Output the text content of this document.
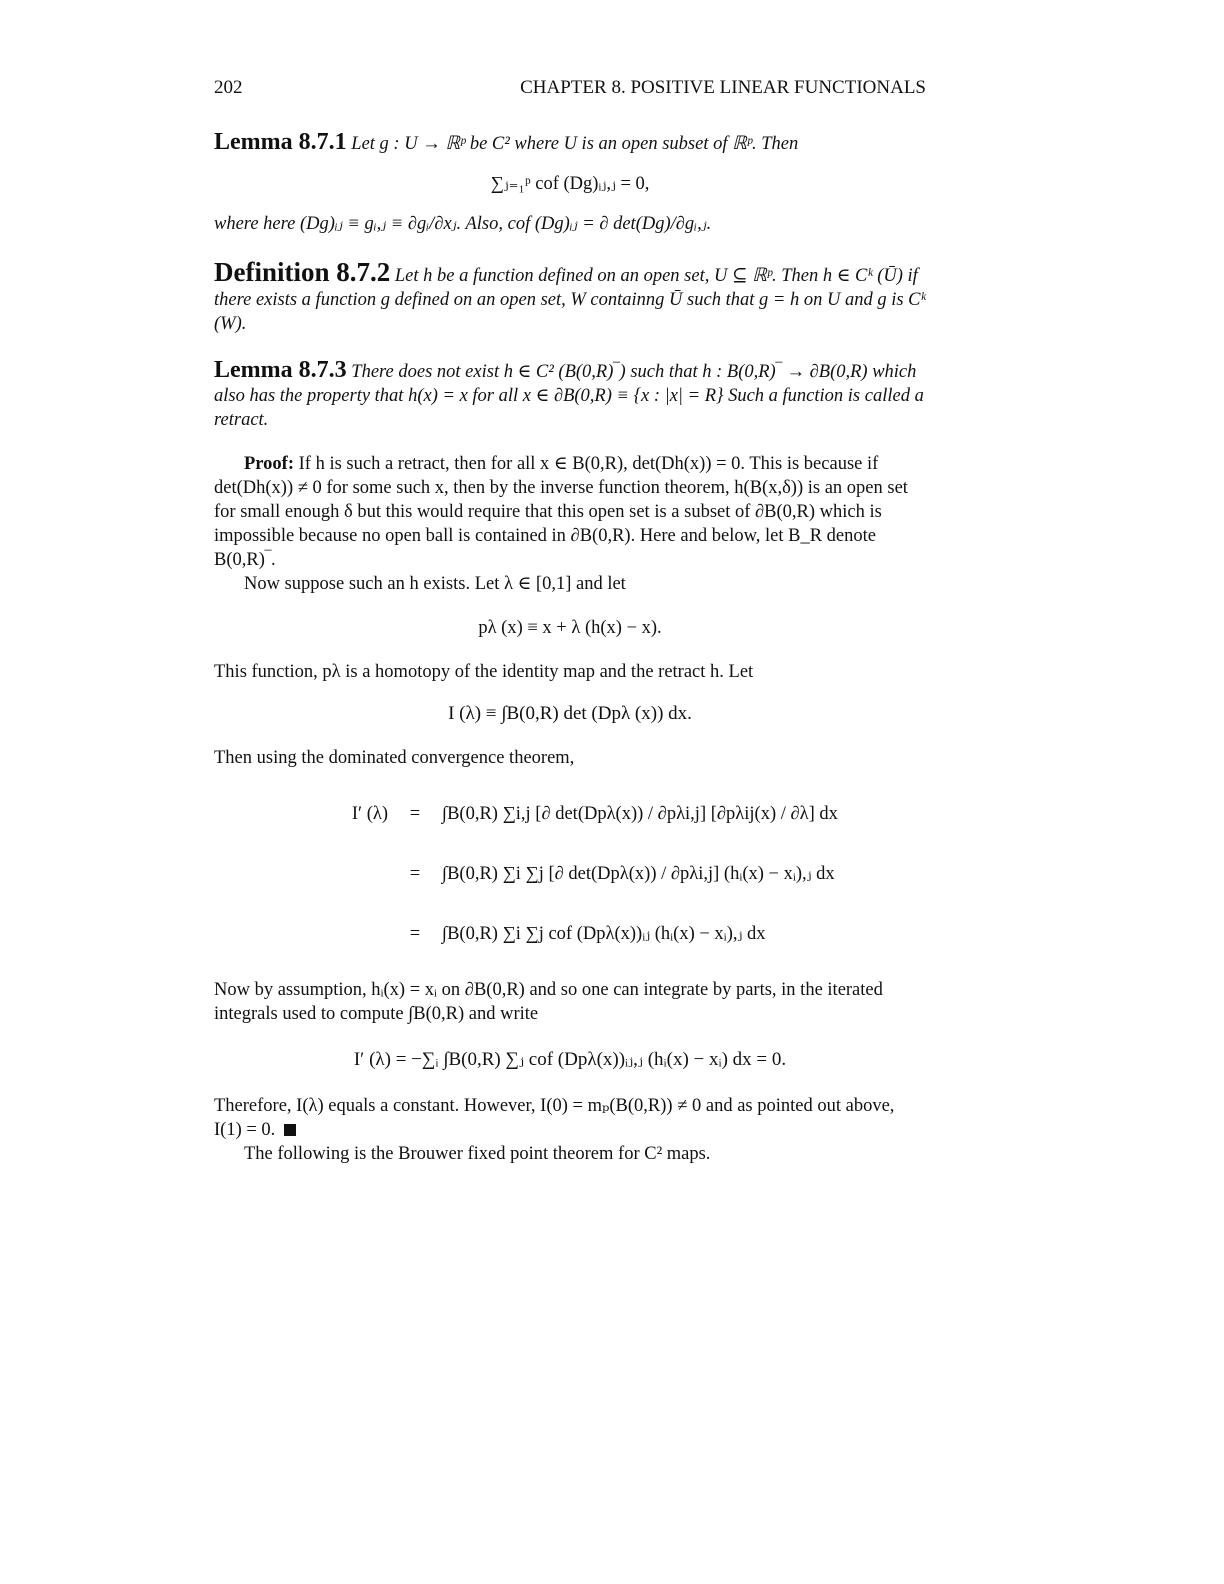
202	CHAPTER 8. POSITIVE LINEAR FUNCTIONALS

Lemma 8.7.1 Let g : U → ℝᵖ be C² where U is an open subset of ℝᵖ. Then

∑ⱼ₌₁ᵖ cof (Dg)ᵢⱼ,ⱼ = 0,

where here (Dg)ᵢⱼ ≡ gᵢ,ⱼ ≡ ∂gᵢ/∂xⱼ. Also, cof (Dg)ᵢⱼ = ∂ det(Dg)/∂gᵢ,ⱼ.

Definition 8.7.2 Let h be a function defined on an open set, U ⊆ ℝᵖ. Then h ∈ Cᵏ (Ū) if there exists a function g defined on an open set, W containng Ū such that g = h on U and g is Cᵏ (W).

Lemma 8.7.3 There does not exist h ∈ C² (B(0,R)‾) such that h : B(0,R)‾ → ∂B(0,R) which also has the property that h(x) = x for all x ∈ ∂B(0,R) ≡ {x : |x| = R} Such a function is called a retract.

Proof: If h is such a retract, then for all x ∈ B(0,R), det(Dh(x)) = 0. This is because if det(Dh(x)) ≠ 0 for some such x, then by the inverse function theorem, h(B(x,δ)) is an open set for small enough δ but this would require that this open set is a subset of ∂B(0,R) which is impossible because no open ball is contained in ∂B(0,R). Here and below, let B_R denote B(0,R)‾.

Now suppose such an h exists. Let λ ∈ [0,1] and let

pλ (x) ≡ x + λ (h(x) − x).

This function, pλ is a homotopy of the identity map and the retract h. Let

I (λ) ≡ ∫B(0,R) det (Dpλ (x)) dx.

Then using the dominated convergence theorem,

I′ (λ)	=	∫B(0,R) ∑i,j [∂ det(Dpλ(x)) / ∂pλi,j] [∂pλij(x) / ∂λ] dx
=	∫B(0,R) ∑i ∑j [∂ det(Dpλ(x)) / ∂pλi,j] (hᵢ(x) − xᵢ),ⱼ dx
=	∫B(0,R) ∑i ∑j cof (Dpλ(x))ᵢⱼ (hᵢ(x) − xᵢ),ⱼ dx

Now by assumption, hᵢ(x) = xᵢ on ∂B(0,R) and so one can integrate by parts, in the iterated integrals used to compute ∫B(0,R) and write

I′ (λ) = −∑ᵢ ∫B(0,R) ∑ⱼ cof (Dpλ(x))ᵢⱼ,ⱼ (hᵢ(x) − xᵢ) dx = 0.

Therefore, I(λ) equals a constant. However, I(0) = mₚ(B(0,R)) ≠ 0 and as pointed out above, I(1) = 0.

The following is the Brouwer fixed point theorem for C² maps.
